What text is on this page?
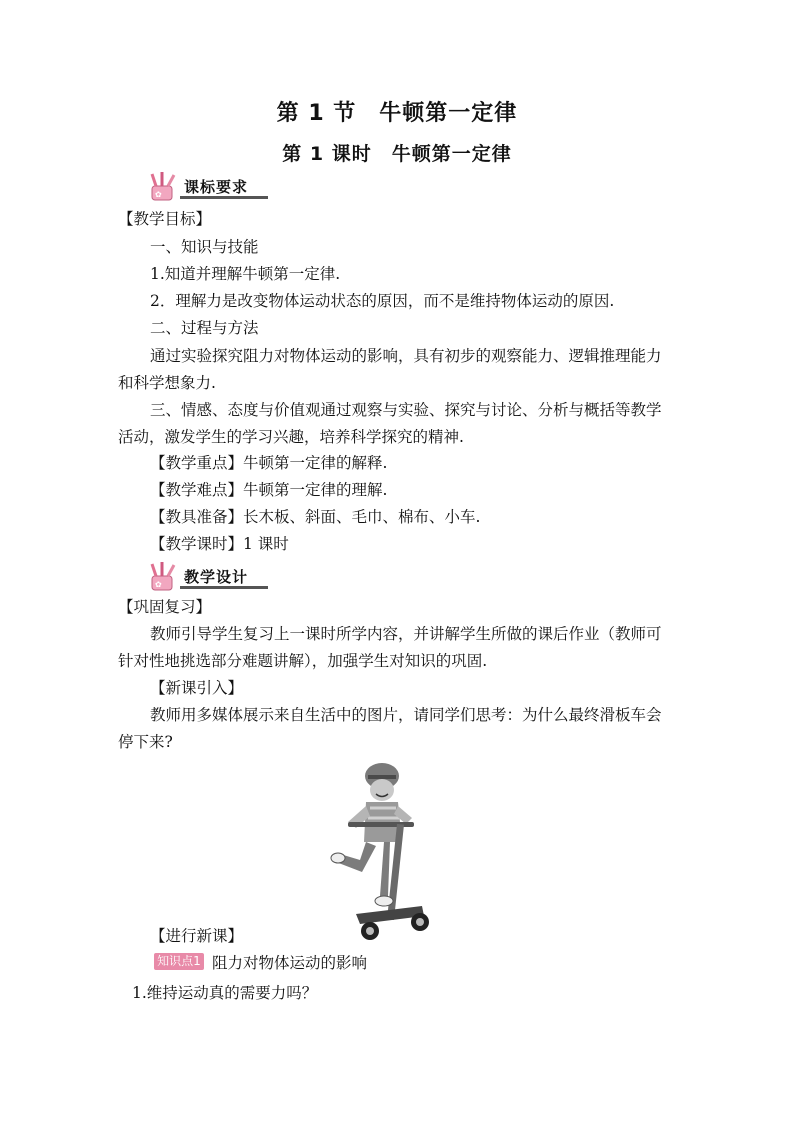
第 1 节　牛顿第一定律
第 1 课时　牛顿第一定律
✿ 课标要求
【教学目标】
一、知识与技能
1.知道并理解牛顿第一定律.
2．理解力是改变物体运动状态的原因，而不是维持物体运动的原因.
二、过程与方法
通过实验探究阻力对物体运动的影响，具有初步的观察能力、逻辑推理能力
和科学想象力.
三、情感、态度与价值观通过观察与实验、探究与讨论、分析与概括等教学
活动，激发学生的学习兴趣，培养科学探究的精神.
【教学重点】牛顿第一定律的解释.
【教学难点】牛顿第一定律的理解.
【教具准备】长木板、斜面、毛巾、棉布、小车.
【教学课时】1 课时
✿ 教学设计
【巩固复习】
教师引导学生复习上一课时所学内容，并讲解学生所做的课后作业（教师可
针对性地挑选部分难题讲解），加强学生对知识的巩固.
【新课引入】
教师用多媒体展示来自生活中的图片，请同学们思考：为什么最终滑板车会
停下来?
【进行新课】
知识点1 阻力对物体运动的影响
1.维持运动真的需要力吗？
